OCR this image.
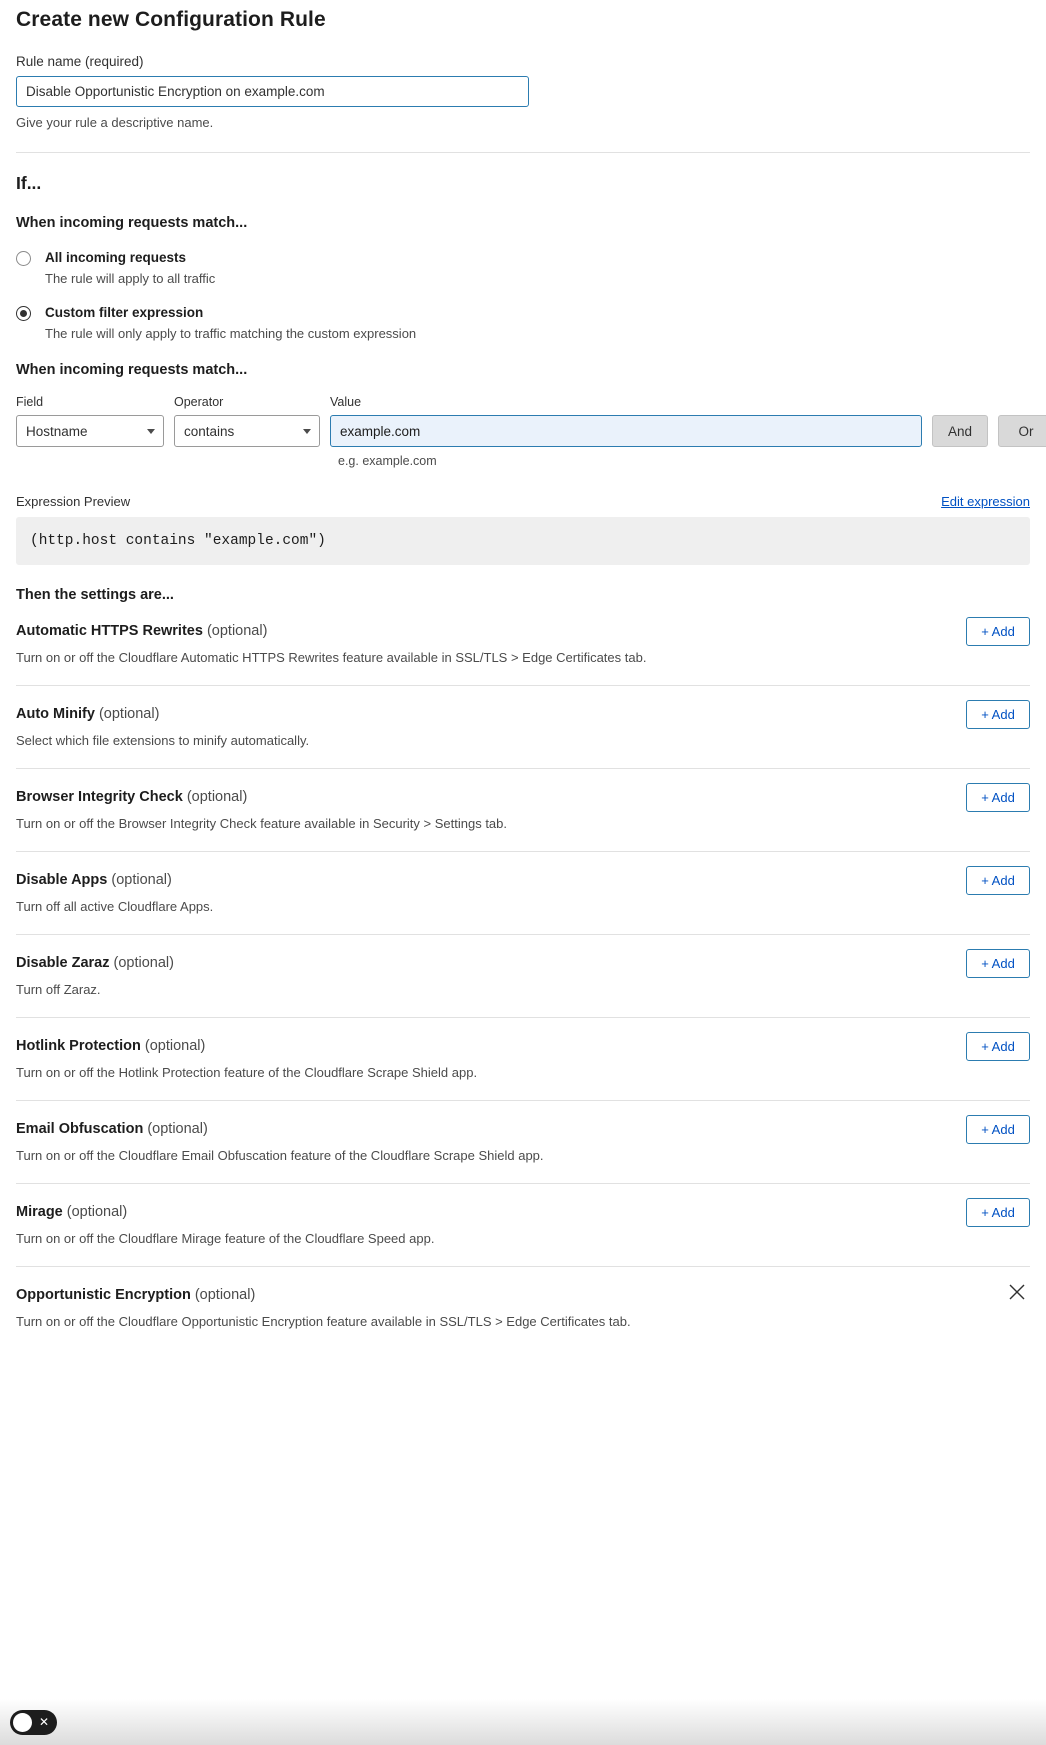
Create new Configuration Rule
Rule name (required)
Disable Opportunistic Encryption on example.com
Give your rule a descriptive name.
If...
When incoming requests match...
All incoming requests
The rule will apply to all traffic
Custom filter expression
The rule will only apply to traffic matching the custom expression
When incoming requests match...
Field
Hostname
Operator
contains
Value
example.com

And
	Or
e.g. example.com
Expression Preview	Edit expression
(http.host contains "example.com")
Then the settings are...
Automatic HTTPS Rewrites (optional)
Turn on or off the Cloudflare Automatic HTTPS Rewrites feature available in SSL/TLS > Edge Certificates tab.
+ Add
Auto Minify (optional)
Select which file extensions to minify automatically.
+ Add
Browser Integrity Check (optional)
Turn on or off the Browser Integrity Check feature available in Security > Settings tab.
+ Add
Disable Apps (optional)
Turn off all active Cloudflare Apps.
+ Add
Disable Zaraz (optional)
Turn off Zaraz.
+ Add
Hotlink Protection (optional)
Turn on or off the Hotlink Protection feature of the Cloudflare Scrape Shield app.
+ Add
Email Obfuscation (optional)
Turn on or off the Cloudflare Email Obfuscation feature of the Cloudflare Scrape Shield app.
+ Add
Mirage (optional)
Turn on or off the Cloudflare Mirage feature of the Cloudflare Speed app.
+ Add
Opportunistic Encryption (optional)
Turn on or off the Cloudflare Opportunistic Encryption feature available in SSL/TLS > Edge Certificates tab.
✕
